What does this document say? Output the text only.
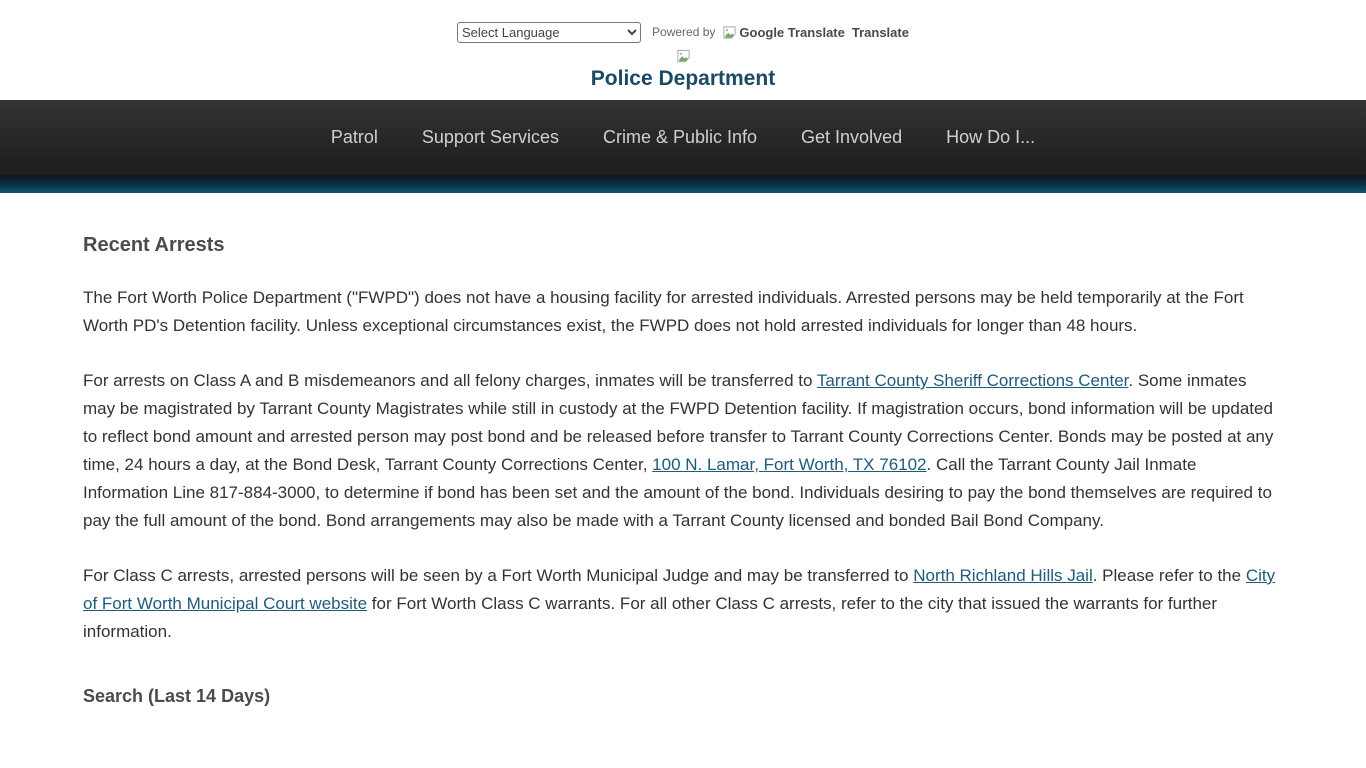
Select Language
Powered by Google Translate Translate
Police Department
Patrol Support Services Crime & Public Info Get Involved How Do I...
Recent Arrests

The Fort Worth Police Department ("FWPD") does not have a housing facility for arrested individuals. Arrested persons may be held temporarily at the Fort Worth PD's Detention facility. Unless exceptional circumstances exist, the FWPD does not hold arrested individuals for longer than 48 hours.

For arrests on Class A and B misdemeanors and all felony charges, inmates will be transferred to Tarrant County Sheriff Corrections Center. Some inmates may be magistrated by Tarrant County Magistrates while still in custody at the FWPD Detention facility. If magistration occurs, bond information will be updated to reflect bond amount and arrested person may post bond and be released before transfer to Tarrant County Corrections Center. Bonds may be posted at any time, 24 hours a day, at the Bond Desk, Tarrant County Corrections Center, 100 N. Lamar, Fort Worth, TX 76102. Call the Tarrant County Jail Inmate Information Line 817-884-3000, to determine if bond has been set and the amount of the bond. Individuals desiring to pay the bond themselves are required to pay the full amount of the bond. Bond arrangements may also be made with a Tarrant County licensed and bonded Bail Bond Company.

For Class C arrests, arrested persons will be seen by a Fort Worth Municipal Judge and may be transferred to North Richland Hills Jail. Please refer to the City of Fort Worth Municipal Court website for Fort Worth Class C warrants. For all other Class C arrests, refer to the city that issued the warrants for further information.

Search (Last 14 Days)
